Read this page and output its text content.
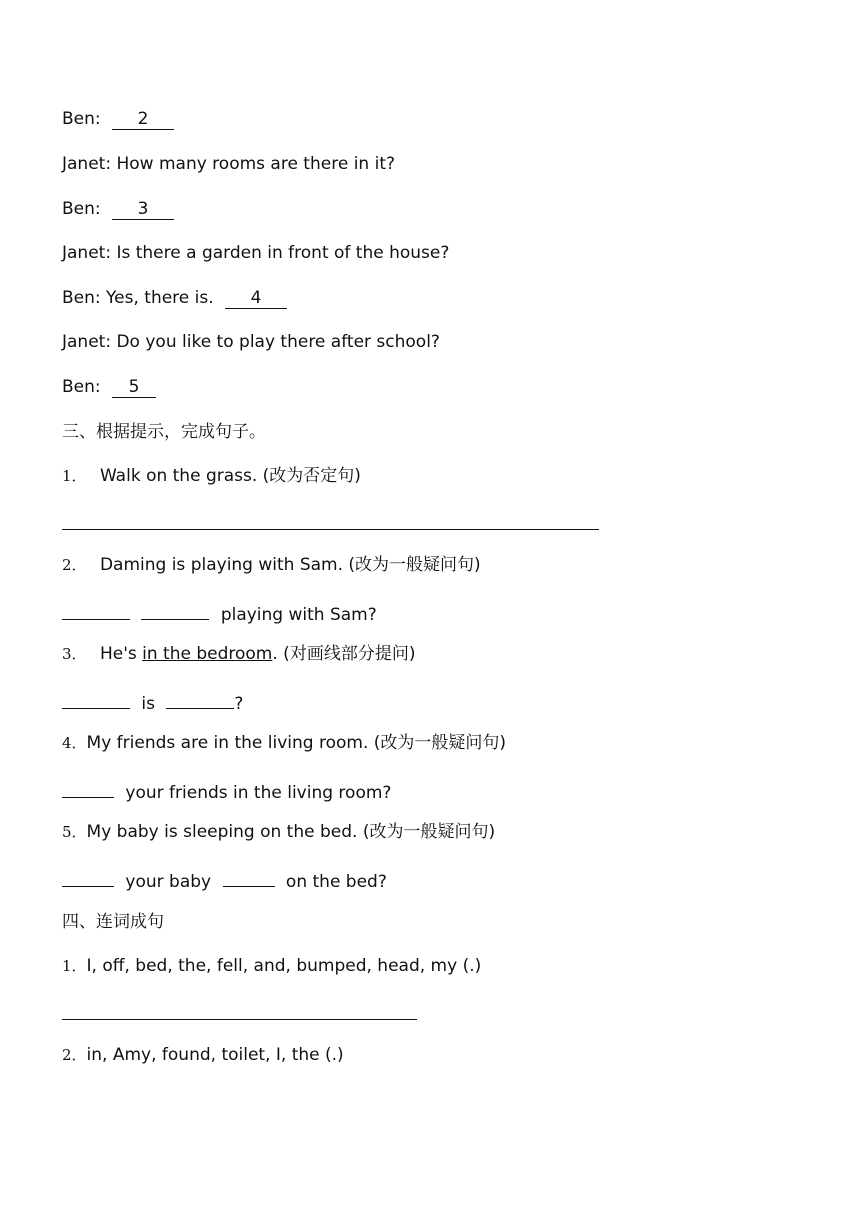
Ben: 2
Janet: How many rooms are there in it?
Ben: 3
Janet: Is there a garden in front of the house?
Ben: Yes, there is. 4
Janet: Do you like to play there after school?
Ben: 5
三、根据提示，完成句子。
1． Walk on the grass. (改为否定句)
2． Daming is playing with Sam. (改为一般疑问句)
playing with Sam?
3． He's in the bedroom. (对画线部分提问)
is	?
4．My friends are in the living room. (改为一般疑问句)
your friends in the living room?
5．My baby is sleeping on the bed. (改为一般疑问句)
your baby	on the bed?
四、连词成句
1．I, off, bed, the, fell, and, bumped, head, my (.)
2．in, Amy, found, toilet, I, the (.)
